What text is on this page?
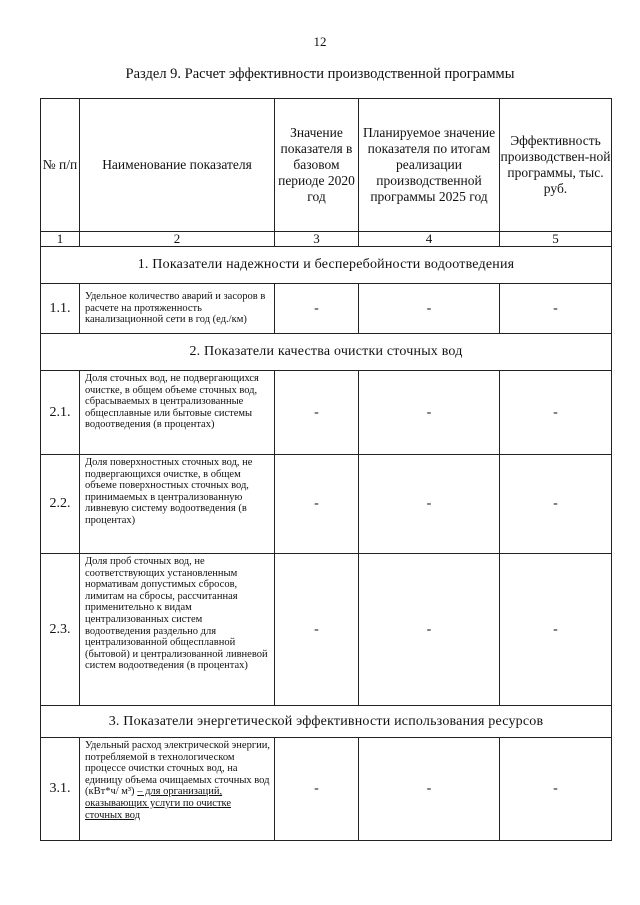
12
Раздел 9. Расчет эффективности производственной программы
№ п/п	Наименование показателя	Значение показателя в базовом периоде 2020 год	Планируемое значение показателя по итогам реализации производственной программы 2025 год	Эффективность производствен-ной программы, тыс. руб.
1	2	3	4	5
1. Показатели надежности и бесперебойности водоотведения				
1.1.	Удельное количество аварий и засоров в расчете на протяженность канализационной сети в год (ед./км)	-	-	-
2. Показатели качества очистки сточных вод				
2.1.	Доля сточных вод, не подвергающихся очистке, в общем объеме сточных вод, сбрасываемых в централизованные общесплавные или бытовые системы водоотведения (в процентах)	-	-	-
2.2.	Доля поверхностных сточных вод, не подвергающихся очистке, в общем объеме поверхностных сточных вод, принимаемых в централизованную ливневую систему водоотведения (в процентах)	-	-	-
2.3.	Доля проб сточных вод, не соответствующих установленным нормативам допустимых сбросов, лимитам на сбросы, рассчитанная применительно к видам централизованных систем водоотведения раздельно для централизованной общесплавной (бытовой) и централизованной ливневой систем водоотведения (в процентах)	-	-	-
3. Показатели энергетической эффективности использования ресурсов				
3.1.	Удельный расход электрической энергии, потребляемой в технологическом процессе очистки сточных вод, на единицу объема очищаемых сточных вод (кВт*ч/ м³) – для организаций, оказывающих услуги по очистке сточных вод	-	-	-
